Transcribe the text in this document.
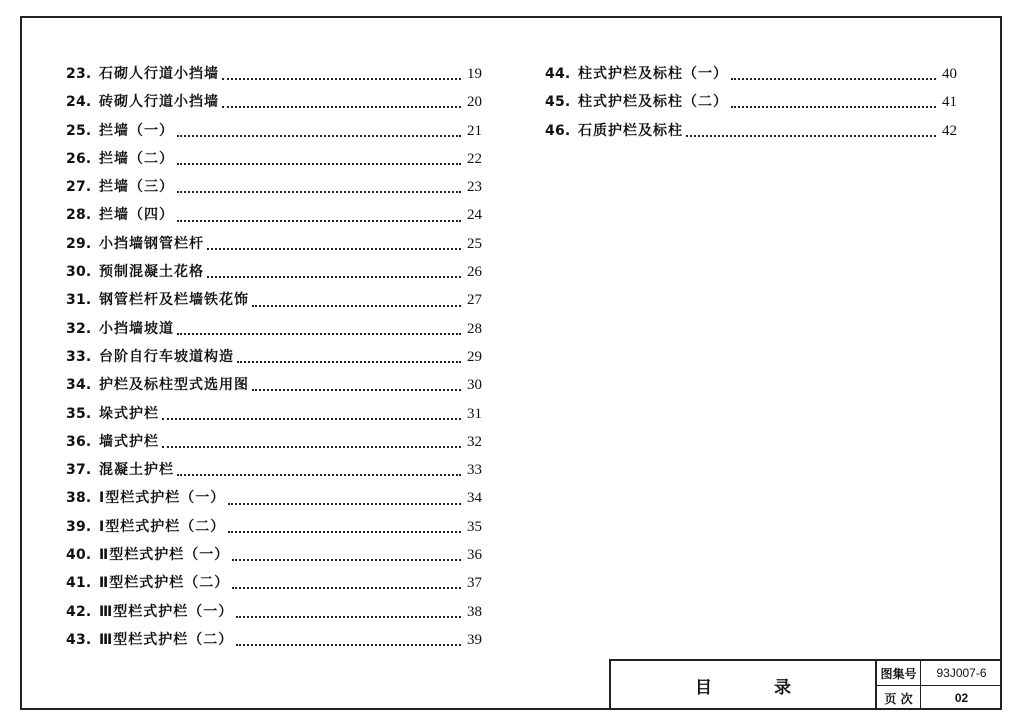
23. 石砌人行道小挡墙	19
24. 砖砌人行道小挡墙	20
25. 拦墙（一）	21
26. 拦墙（二）	22
27. 拦墙（三）	23
28. 拦墙（四）	24
29. 小挡墙钢管栏杆	25
30. 预制混凝土花格	26
31. 钢管栏杆及栏墙铁花饰	27
32. 小挡墙坡道	28
33. 台阶自行车坡道构造	29
34. 护栏及标柱型式选用图	30
35. 垛式护栏	31
36. 墙式护栏	32
37. 混凝土护栏	33
38. Ⅰ型栏式护栏（一）	34
39. Ⅰ型栏式护栏（二）	35
40. Ⅱ型栏式护栏（一）	36
41. Ⅱ型栏式护栏（二）	37
42. Ⅲ型栏式护栏（一）	38
43. Ⅲ型栏式护栏（二）	39
44. 柱式护栏及标柱（一）	40
45. 柱式护栏及标柱（二）	41
46. 石质护栏及标柱	42
目录
图集号	93J007-6
页 次	02
